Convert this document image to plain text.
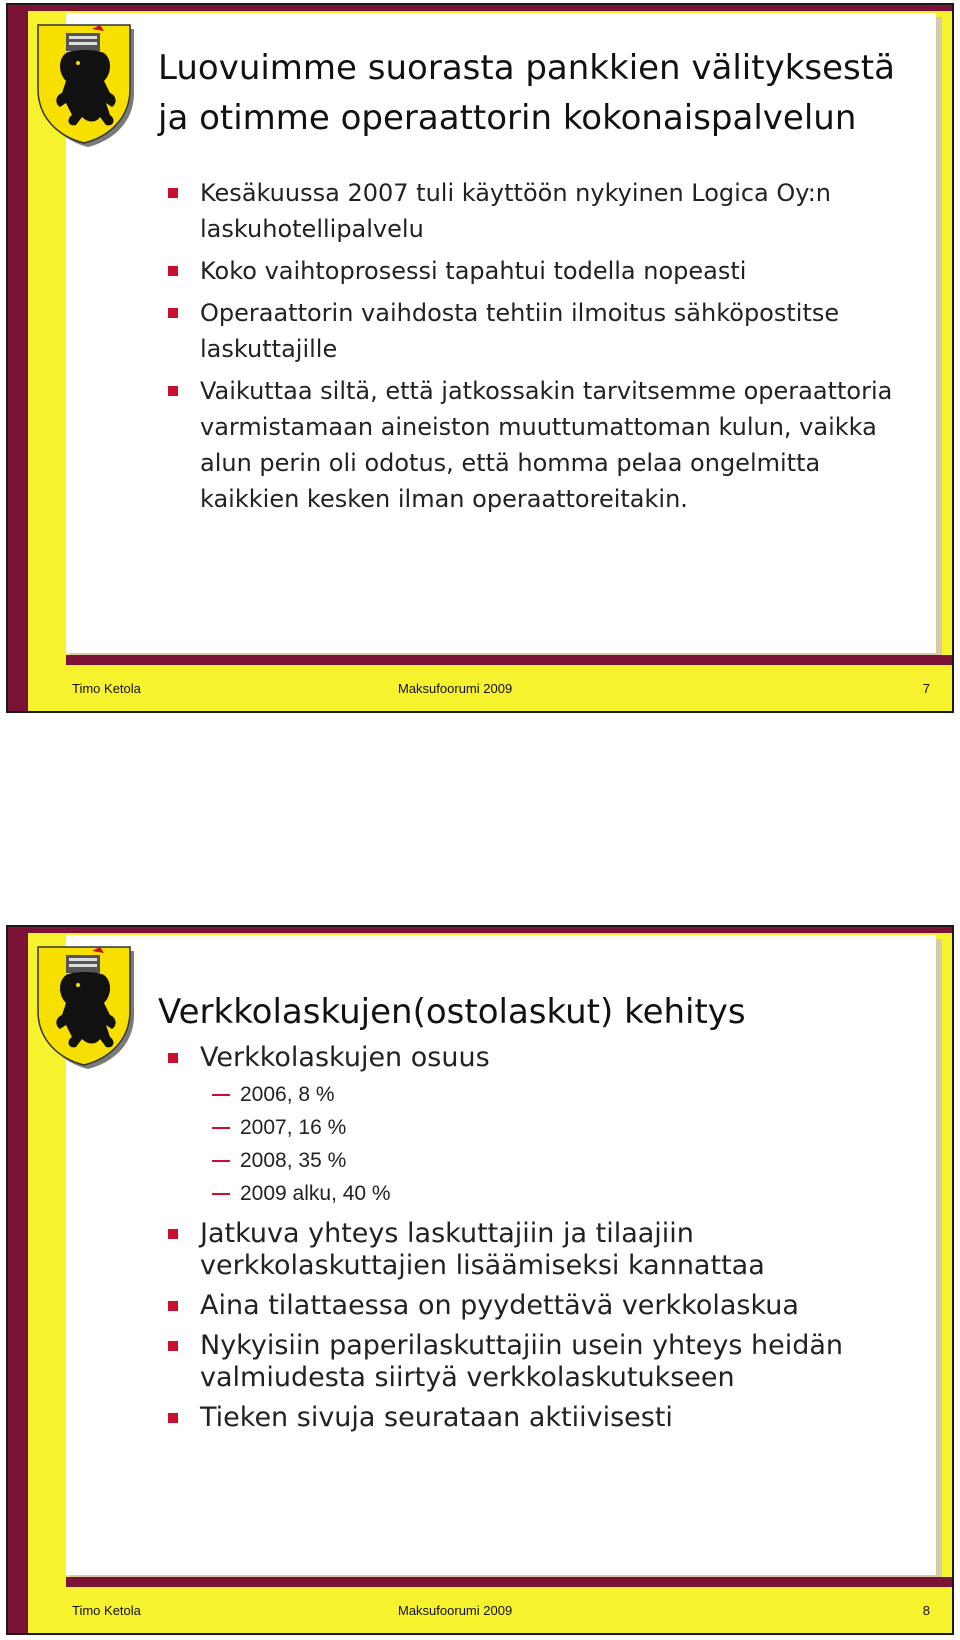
Luovuimme suorasta pankkien välityksestä ja otimme operaattorin kokonaispalvelun
Kesäkuussa 2007 tuli käyttöön nykyinen Logica Oy:n laskuhotellipalvelu
Koko vaihtoprosessi tapahtui todella nopeasti
Operaattorin vaihdosta tehtiin ilmoitus sähköpostitse laskuttajille
Vaikuttaa siltä, että jatkossakin tarvitsemme operaattoria varmistamaan aineiston muuttumattoman kulun, vaikka alun perin oli odotus, että homma pelaa ongelmitta kaikkien kesken ilman operaattoreitakin.
Timo Ketola	Maksufoorumi 2009	7
Verkkolaskujen(ostolaskut) kehitys
Verkkolaskujen osuus
2006, 8 %
2007, 16 %
2008, 35 %
2009 alku, 40 %
Jatkuva yhteys laskuttajiin ja tilaajiin verkkolaskuttajien lisäämiseksi kannattaa
Aina tilattaessa on pyydettävä verkkolaskua
Nykyisiin paperilaskuttajiin usein yhteys heidän valmiudesta siirtyä verkkolaskutukseen
Tieken sivuja seurataan aktiivisesti
Timo Ketola	Maksufoorumi 2009	8
